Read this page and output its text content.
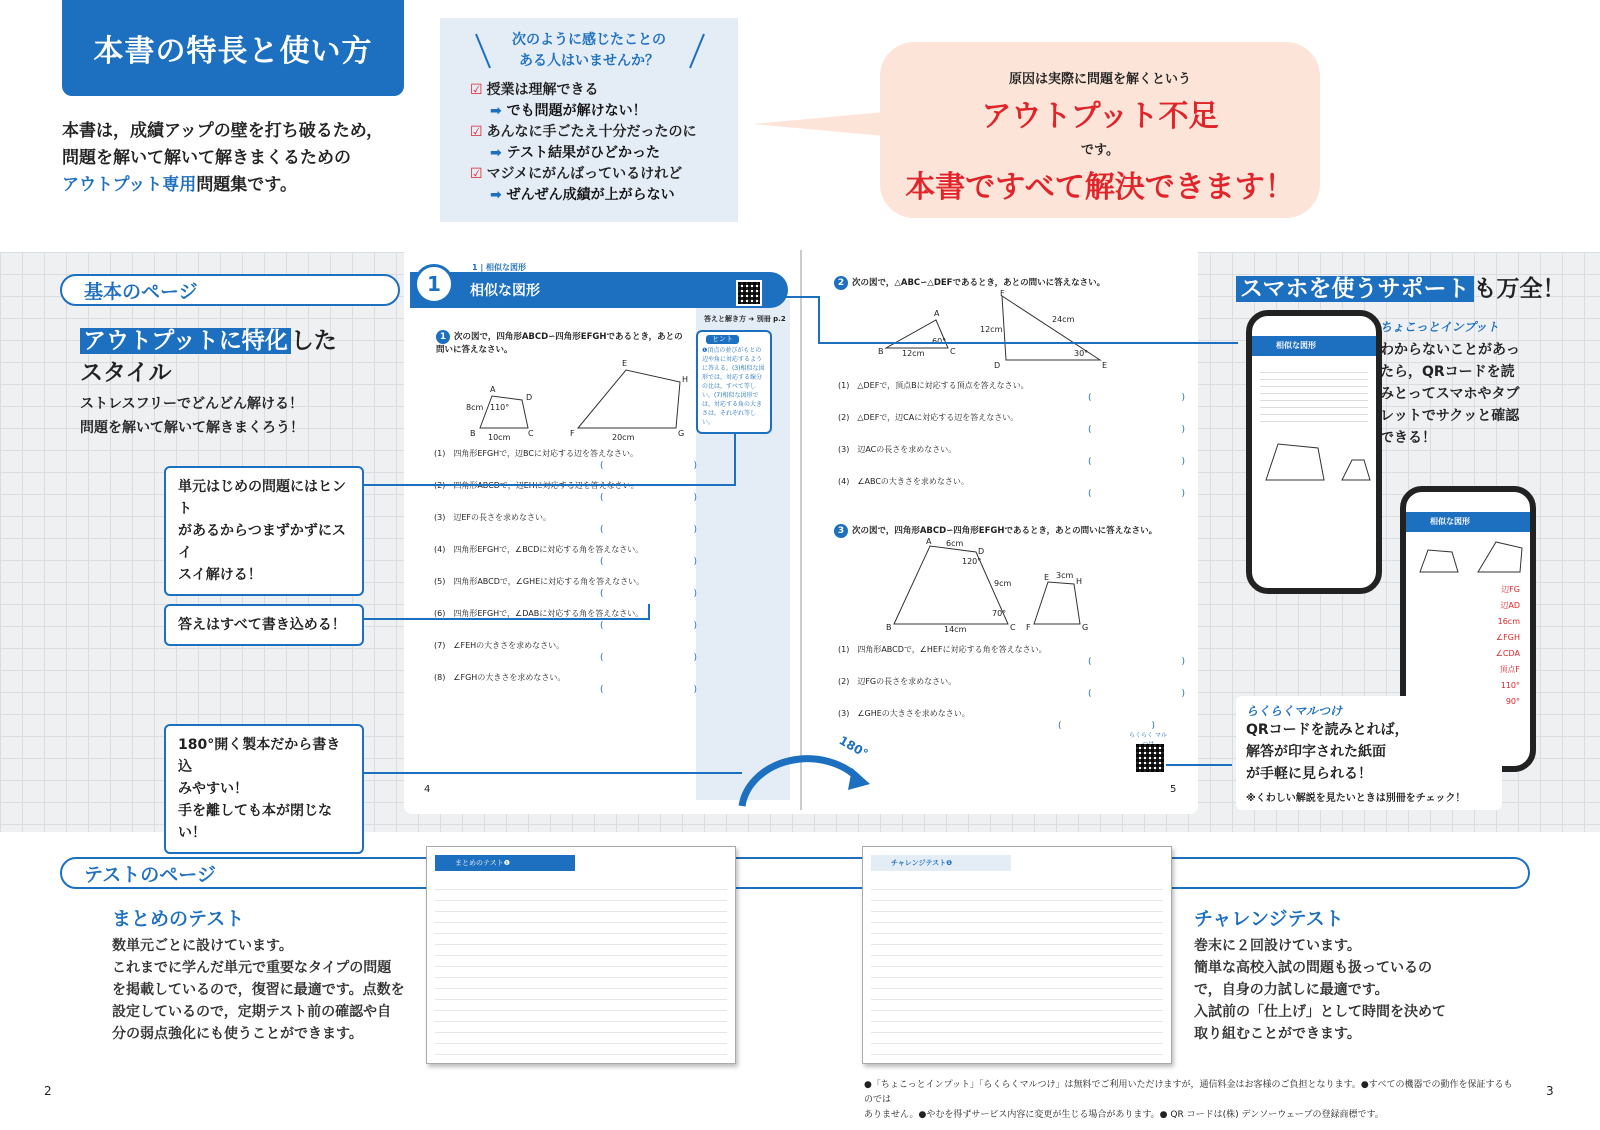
本書の特長と使い方
本書は，成績アップの壁を打ち破るため，
問題を解いて解いて解きまくるための
アウトプット専用問題集です。
次のように感じたことの
ある人はいませんか？
☑ 授業は理解できる
➡ でも問題が解けない！
☑ あんなに手ごたえ十分だったのに
➡ テスト結果がひどかった
☑ マジメにがんばっているけれど
➡ ぜんぜん成績が上がらない
原因は実際に問題を解くという
アウトプット不足
です。
本書ですべて解決できます！
基本のページ
アウトプットに特化 した
スタイル
ストレスフリーでどんどん解ける！
問題を解いて解いて解きまくろう！
単元はじめの問題にはヒント
があるからつまずかずにスイ
スイ解ける！
答えはすべて書き込める！
180°開く製本だから書き込
みやすい！
手を離しても本が閉じない！
1 | 相似な図形
相似な図形
1
答えと解き方 ➜ 別冊 p.2
1 次の図で，四角形ABCD∽四角形EFGHであるとき，あとの問いに答えなさい。
ヒント
❶頂点の並びがもとの辺や角に対応するように答える。(3)相似な図形では，対応する線分の比は，すべて等しい。(7)相似な図形では，対応する角の大きさは，それぞれ等しい。
A
B	C
D
E
F	G
H
8cm 110°
10cm	20cm
(1)　四角形EFGHで，辺BCに対応する辺を答えなさい。
(　　　　　　　　　　)
(　　　　　　　　　　)
(3)　辺EFの長さを求めなさい。
(　　　　　　　　　　)
(4)　四角形EFGHで，∠BCDに対応する角を答えなさい。
(　　　　　　　　　　)
(5)　四角形ABCDで，∠GHEに対応する角を答えなさい。
(　　　　　　　　　　)
(6)　四角形EFGHで，∠DABに対応する角を答えなさい。
(　　　　　　　　　　)
(7)　∠FEHの大きさを求めなさい。
(　　　　　　　　　　)
(8)　∠FGHの大きさを求めなさい。
(　　　　　　　　　　)
4
2 次の図で，△ABC∽△DEFであるとき，あとの問いに答えなさい。
A
B	C
D	E
F
12cm
12cm
24cm
30°
(1)　△DEFで，頂点Bに対応する頂点を答えなさい。
(　　　　　　　　　　)
(2)　△DEFで，辺CAに対応する辺を答えなさい。
(　　　　　　　　　　)
(3)　辺ACの長さを求めなさい。
(　　　　　　　　　　)
(4)　∠ABCの大きさを求めなさい。
(　　　　　　　　　　)
3 次の図で，四角形ABCD∽四角形EFGHであるとき，あとの問いに答えなさい。
A
B	C
D
E
F	G
H
6cm
120°
9cm
70°
14cm
3cm
(1)　四角形ABCDで，∠HEFに対応する角を答えなさい。
(　　　　　　　　　　)
(2)　辺FGの長さを求めなさい。
(　　　　　　　　　　)
(3)　∠GHEの大きさを求めなさい。
(　　　　　　　　　　)
らくらく マル
5
180°
スマホを使うサポート も万全！
相似な図形
ちょこっとインプット
わからないことがあっ
たら，QRコードを読
みとってスマホやタブ
レットでサクッと確認
できる！
相似な図形
辺FG
辺AD
16cm
∠FGH
∠CDA
頂点F
110°
90°
らくらくマルつけ
QRコードを読みとれば，
解答が印字された紙面
が手軽に見られる！
※くわしい解説を見たいときは別冊をチェック！
テストのページ
まとめのテスト
数単元ごとに設けています。
これまでに学んだ単元で重要なタイプの問題
を掲載しているので，復習に最適です。点数を
設定しているので，定期テスト前の確認や自
分の弱点強化にも使うことができます。
まとめのテスト❶	チャレンジテスト❶
チャレンジテスト
巻末に２回設けています。
簡単な高校入試の問題も扱っているの
で，自身の力試しに最適です。
入試前の「仕上げ」として時間を決めて
取り組むことができます。
2	3
●「ちょこっとインプット」「らくらくマルつけ」は無料でご利用いただけますが，通信料金はお客様のご負担となります。●すべての機器での動作を保証するものでは
ありません。●やむを得ずサービス内容に変更が生じる場合があります。● QR コードは(株) デンソーウェーブの登録商標です。
